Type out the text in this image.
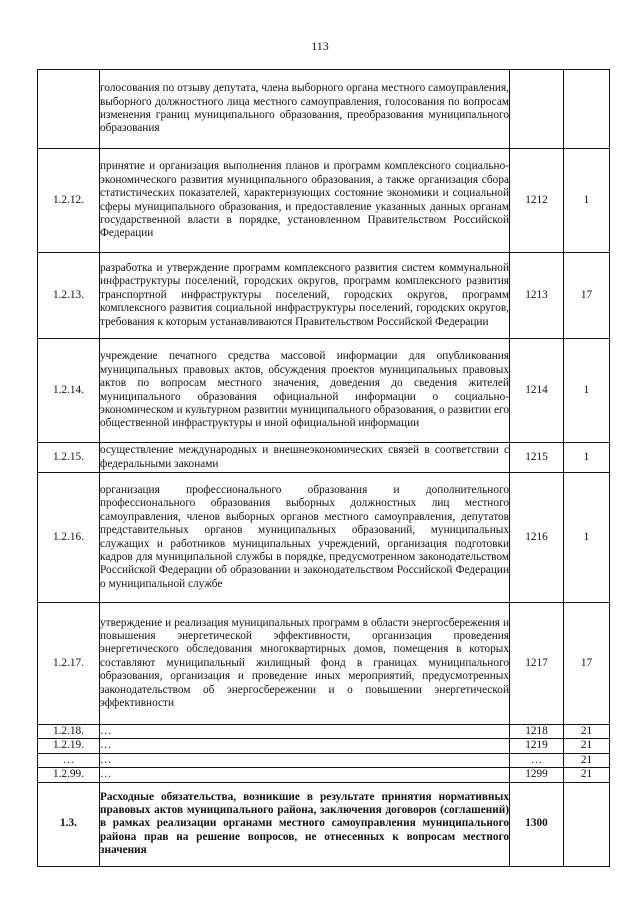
113
	голосования по отзыву депутата, члена выборного органа местного самоуправления, выборного должностного лица местного самоуправления, голосования по вопросам изменения границ муниципального образования, преобразования муниципального образования		
1.2.12.	принятие и организация выполнения планов и программ комплексного социально-экономического развития муниципального образования, а также организация сбора статистических показателей, характеризующих состояние экономики и социальной сферы муниципального образования, и предоставление указанных данных органам государственной власти в порядке, установленном Правительством Российской Федерации	1212	1
1.2.13.	разработка и утверждение программ комплексного развития систем коммунальной инфраструктуры поселений, городских округов, программ комплексного развития транспортной инфраструктуры поселений, городских округов, программ комплексного развития социальной инфраструктуры поселений, городских округов, требования к которым устанавливаются Правительством Российской Федерации	1213	17
1.2.14.	учреждение печатного средства массовой информации для опубликования муниципальных правовых актов, обсуждения проектов муниципальных правовых актов по вопросам местного значения, доведения до сведения жителей муниципального образования официальной информации о социально-экономическом и культурном развитии муниципального образования, о развитии его общественной инфраструктуры и иной официальной информации	1214	1
1.2.15.	осуществление международных и внешнеэкономических связей в соответствии с федеральными законами	1215	1
1.2.16.	организация профессионального образования и дополнительного профессионального образования выборных должностных лиц местного самоуправления, членов выборных органов местного самоуправления, депутатов представительных органов муниципальных образований, муниципальных служащих и работников муниципальных учреждений, организация подготовки кадров для муниципальной службы в порядке, предусмотренном законодательством Российской Федерации об образовании и законодательством Российской Федерации о муниципальной службе	1216	1
1.2.17.	утверждение и реализация муниципальных программ в области энергосбережения и повышения энергетической эффективности, организация проведения энергетического обследования многоквартирных домов, помещения в которых составляют муниципальный жилищный фонд в границах муниципального образования, организация и проведение иных мероприятий, предусмотренных законодательством об энергосбережении и о повышении энергетической эффективности	1217	17
1.2.18.	…	1218	21
1.2.19.	…	1219	21
…	…	…	21
1.2.99.	…	1299	21
1.3.	Расходные обязательства, возникшие в результате принятия нормативных правовых актов муниципального района, заключения договоров (соглашений) в рамках реализации органами местного самоуправления муниципального района прав на решение вопросов, не отнесенных к вопросам местного значения	1300	
